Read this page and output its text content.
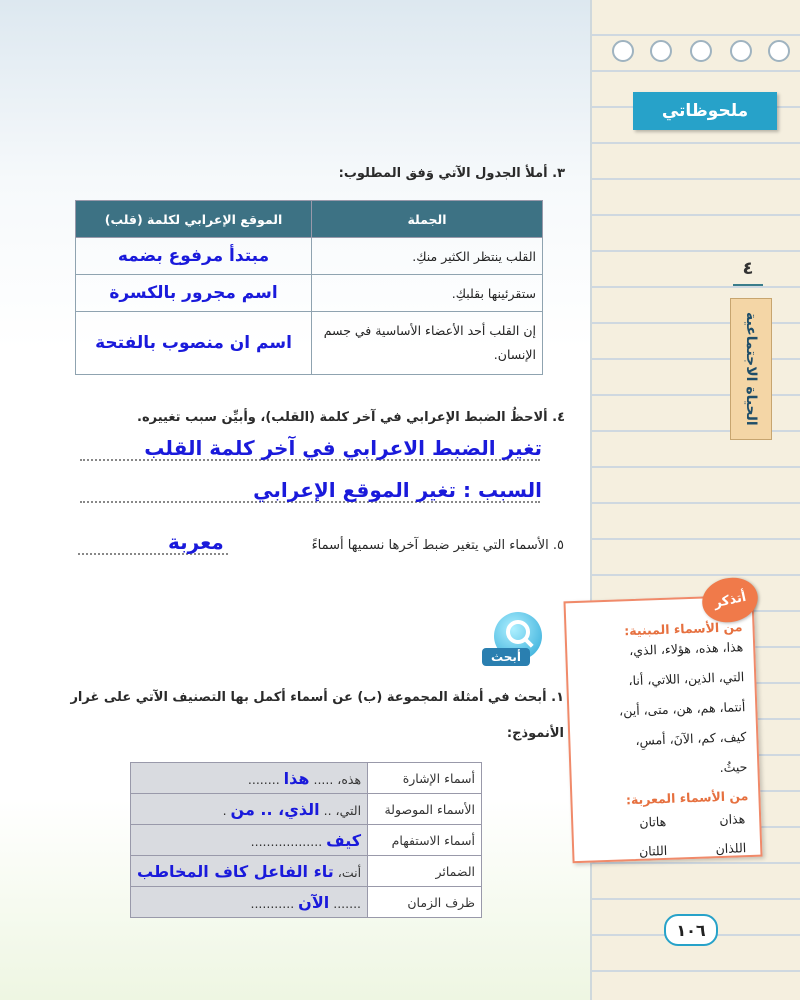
ملحوظاتي
٤
الحياة الاجتماعية
من الأسماء المبنية:
هذا، هذه، هؤلاء، الذي،
التي، الذين، اللاتي، أنا،
أنتما، هم، هن، متى، أين،
كيف، كم، الآنَ، أمسِ،
حيثُ.
من الأسماء المعربة:
هذان
هاتان
اللذان
اللتان
أتذكر
١٠٦
٣. أملأ الجدول الآتي وَفق المطلوب:
الجملة	الموقع الإعرابي لكلمة (قلب)
القلب ينتظر الكثير منكِ.	مبتدأ مرفوع بضمه
ستقرئينها بقلبكِ.	اسم مجرور بالكسرة
إن القلب أحد الأعضاء الأساسية في جسم الإنسان.	اسم ان منصوب بالفتحة
٤. ألاحظُ الضبط الإعرابي في آخر كلمة (القلب)، وأبيِّن سبب تغييره.
تغير الضبط الاعرابي في آخر كلمة القلب
السبب : تغير الموقع الإعرابي
٥. الأسماء التي يتغير ضبط آخرها نسميها أسماءً
معربة
أبحث
١. أبحث في أمثلة المجموعة (ب) عن أسماء أكمل بها التصنيف الآتي على غرار
الأنموذج:
أسماء الإشارة	هذه، ..... هذا ........
الأسماء الموصولة	التي، .. الذي، .. من .
أسماء الاستفهام	كيف ..................
الضمائر	أنت، تاء الفاعل كاف المخاطب
ظرف الزمان	....... الآن ...........
